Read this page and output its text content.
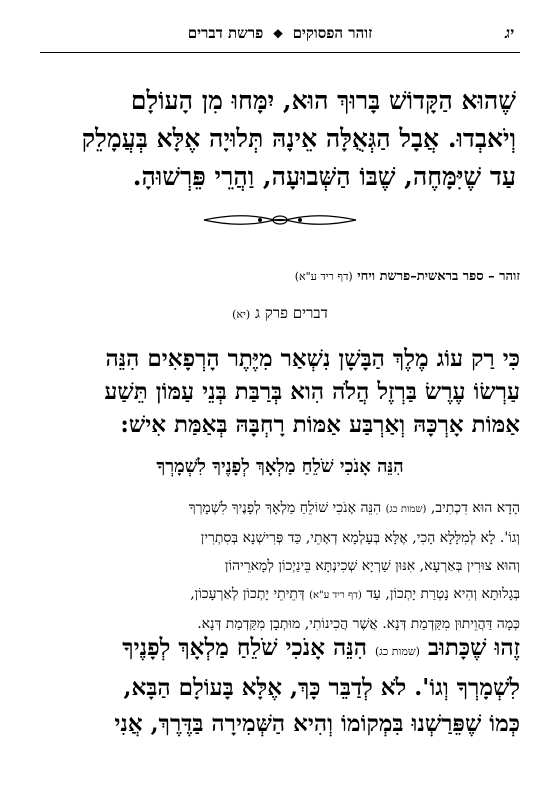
יג
זוהר הפסוקים ❖ פרשת דברים
שֶׁהוּא הַקָּדוֹשׁ בָּרוּךְ הוּא, יִמָּחוּ מִן הָעוֹלָם
וְיֹאבְדוּ. אֲבָל הַגְּאֻלָּה אֵינָהּ תְּלוּיָה אֶלָּא בְּעֲמָלֵק
עַד שֶׁיִּמָּחֶה, שֶׁבּוֹ הַשְּׁבוּעָה, וַהֲרֵי פֵּרְשׁוּהָ.
זוהר – ספר בראשית–פרשת ויחי (דף ריד ע"א)
דברים פרק ג (יא)
כִּי רַק עוֹג מֶלֶךְ הַבָּשָׁן נִשְׁאַר מִיֶּתֶר הָרְפָאִים הִנֵּה
עַרְשׂוֹ עֶרֶשׂ בַּרְזֶל הֲלֹה הִוא בְּרַבַּת בְּנֵי עַמּוֹן תֵּשַׁע
אַמּוֹת אָרְכָּהּ וְאַרְבַּע אַמּוֹת רָחְבָּהּ בְּאַמַּת אִישׁ:
הִנֵּה אָנֹכִי שֹׁלֵחַ מַלְאָךְ לְפָנֶיךָ לִשְׁמָרְךָ
הָדָא הוּא דִכְתִיב, (שמות כג) הִנֵּה אָנֹכִי שׁוֹלֵחַ מַלְאָךְ לְפָנֶיךָ לִשְׁמָרְךָ
וְגוֹ'. לָא לְמִלָּּלָא הָכִי, אֶלָּא בְּעָלְמָא דְאָתֵי, כַּד פְּרִישְׁנָא בְּסִתְרִין
וְהוּא צוּרִין בְּאַרְעָא, אִנּוּן שַׁרְיָא שְׁכִינְתָּא בֵּינַיְכוֹן לְמָארֵיהוֹן
בְּגָלוּתָא וְהִיא נָטְרַת יָתְכוֹן, עַד (דף ריד ע"א) דְּתֵיתֵי יָתְכוֹן לְאַרְעָכוֹן,
כְּמָה דַּהֲוֵיתוּן מִקַּדְמַת דְּנָא. אֲשֶׁר הֲכִינוֹתִי, מוּתְבָן מִקַּדְמַת דְּנָא.
זֶהוּ שֶׁכָּתוּב (שמות כג) הִנֵּה אָנֹכִי שֹׁלֵחַ מַלְאָךְ לְפָנֶיךָ
לִשְׁמָרְךָ וְגוֹ'. לֹא לְדַבֵּר כָּךְ, אֶלָּא בָּעוֹלָם הַבָּא,
כְּמוֹ שֶׁפֵּרַשְׁנוּ בִּמְקוֹמוֹ וְהִיא הַשְּׁמִירָה בַּדֶּרֶךְ, אֲנִי
